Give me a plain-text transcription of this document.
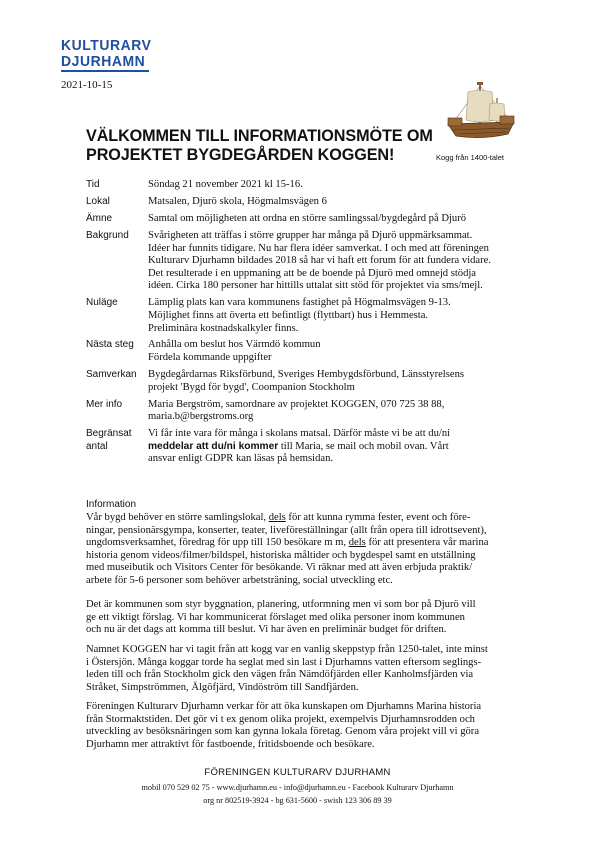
KULTURARV
DJURHAMN
2021-10-15
Kogg från 1400-talet
VÄLKOMMEN TILL INFORMATIONSMÖTE OM
PROJEKTET BYGDEGÅRDEN KOGGEN!
Tid	Söndag 21 november 2021 kl 15-16.

Lokal	Matsalen, Djurö skola, Högmalmsvägen 6

Ämne	Samtal om möjligheten att ordna en större samlingssal/bygdegård på Djurö

Bakgrund	Svårigheten att träffas i större grupper har många på Djurö uppmärksammat.
Idéer har funnits tidigare. Nu har flera idéer samverkat. I och med att föreningen
Kulturarv Djurhamn bildades 2018 så har vi haft ett forum för att fundera vidare.
Det resulterade i en uppmaning att be de boende på Djurö med omnejd stödja
idéen. Cirka 180 personer har hittills uttalat sitt stöd för projektet via sms/mejl.

Nuläge	Lämplig plats kan vara kommunens fastighet på Högmalmsvägen 9-13.
Möjlighet finns att överta ett befintligt (flyttbart) hus i Hemmesta.
Preliminära kostnadskalkyler finns.

Nästa steg	Anhålla om beslut hos Värmdö kommun
Fördela kommande uppgifter

Samverkan	Bygdegårdarnas Riksförbund, Sveriges Hembygdsförbund, Länsstyrelsens
projekt 'Bygd för bygd', Coompanion Stockholm

Mer info	Maria Bergström, samordnare av projektet KOGGEN, 070 725 38 88,
maria.b@bergstroms.org

Begränsat
antal	Vi får inte vara för många i skolans matsal. Därför måste vi be att du/ni
meddelar att du/ni kommer till Maria, se mail och mobil ovan. Vårt
ansvar enligt GDPR kan läsas på hemsidan.
Information
Vår bygd behöver en större samlingslokal, dels för att kunna rymma fester, event och före-
ningar, pensionärsgympa, konserter, teater, liveföreställningar (allt från opera till idrottsevent),
ungdomsverksamhet, föredrag för upp till 150 besökare m m, dels för att presentera vår marina
historia genom videos/filmer/bildspel, historiska måltider och bygdespel samt en utställning
med museibutik och Visitors Center för besökande. Vi räknar med att även erbjuda praktik/
arbete för 5-6 personer som behöver arbetsträning, social utveckling etc.
Det är kommunen som styr byggnation, planering, utformning men vi som bor på Djurö vill
ge ett viktigt förslag. Vi har kommunicerat förslaget med olika personer inom kommunen
och nu är det dags att komma till beslut. Vi har även en preliminär budget för driften.
Namnet KOGGEN har vi tagit från att kogg var en vanlig skeppstyp från 1250-talet, inte minst
i Östersjön. Många koggar torde ha seglat med sin last i Djurhamns vatten eftersom seglings-
leden till och från Stockholm gick den vägen från Nämdöfjärden eller Kanholmsfjärden via
Stråket, Simpströmmen, Älgöfjärd, Vindöström till Sandfjärden.
Föreningen Kulturarv Djurhamn verkar för att öka kunskapen om Djurhamns Marina historia
från Stormaktstiden. Det gör vi t ex genom olika projekt, exempelvis Djurhamnsrodden och
utveckling av besöksnäringen som kan gynna lokala företag. Genom våra projekt vill vi göra
Djurhamn mer attraktivt för fastboende, fritidsboende och besökare.
FÖRENINGEN KULTURARV DJURHAMN
mobil 070 529 02 75 - www.djurhamn.eu - info@djurhamn.eu - Facebook Kulturarv Djurhamn
org nr 802519-3924 - bg 631-5600 - swish 123 306 89 39
